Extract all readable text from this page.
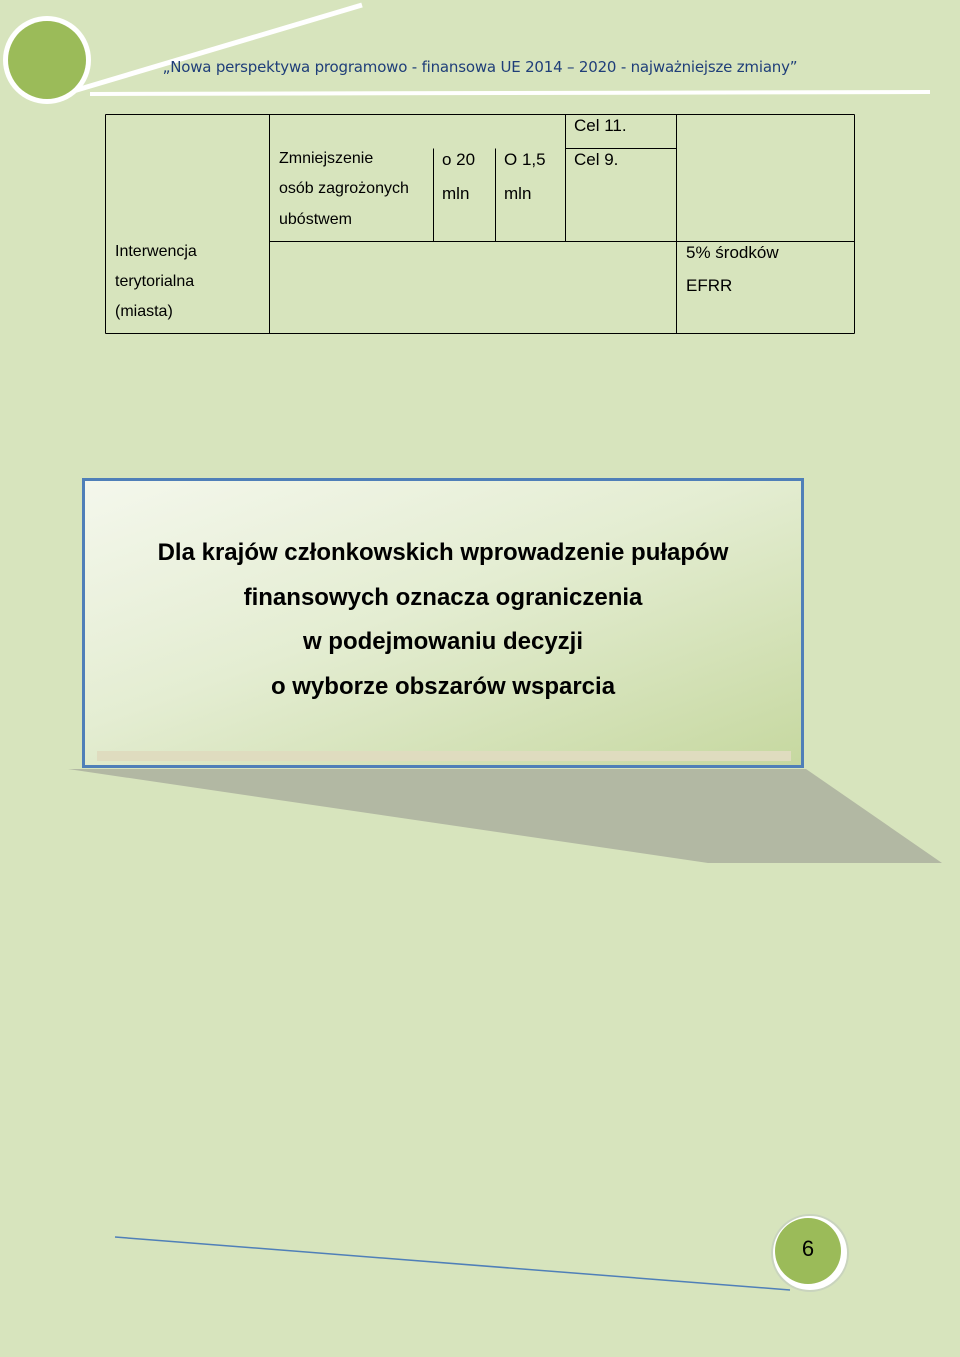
„Nowa perspektywa programowo - finansowa UE 2014 – 2020 - najważniejsze zmiany”
Interwencja
terytorialna
(miasta)
Zmniejszenie
osób zagrożonych
ubóstwem
o 20
mln
O 1,5
mln
Cel 11.
Cel 9.
5% środków
EFRR
Dla krajów członkowskich wprowadzenie pułapów
finansowych oznacza ograniczenia
w podejmowaniu decyzji
o wyborze obszarów wsparcia
6
